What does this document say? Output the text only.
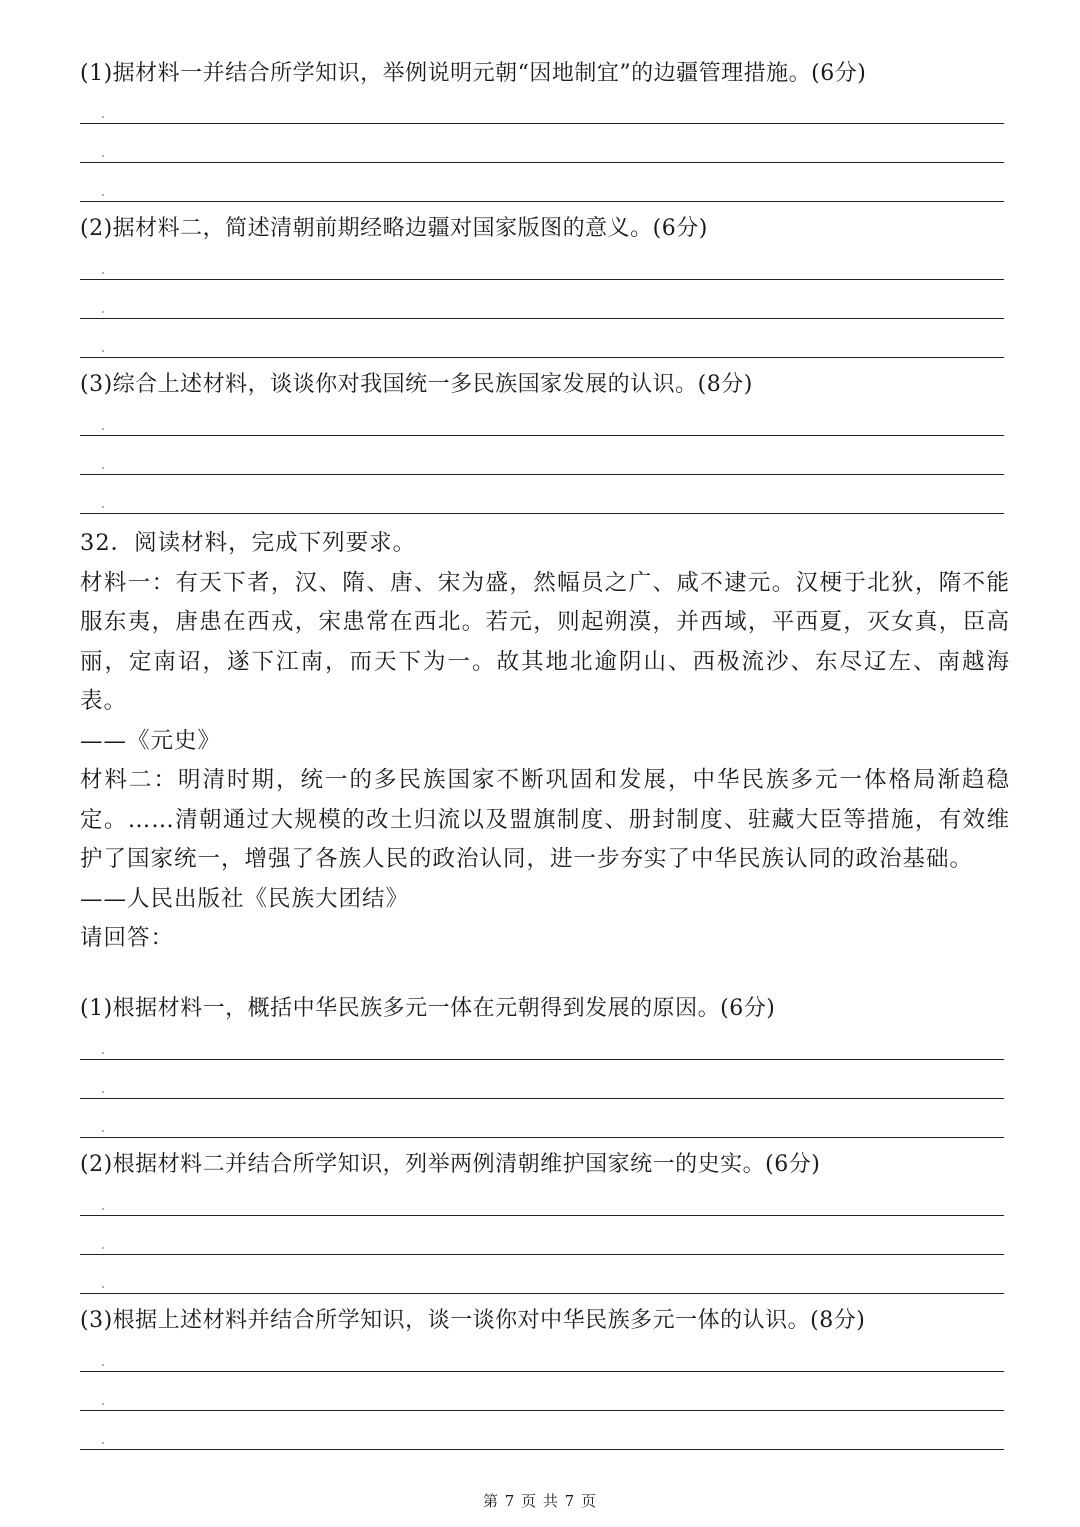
(1)据材料一并结合所学知识，举例说明元朝“因地制宜”的边疆管理措施。(6分)
(2)据材料二，简述清朝前期经略边疆对国家版图的意义。(6分)
(3)综合上述材料，谈谈你对我国统一多民族国家发展的认识。(8分)

32．阅读材料，完成下列要求。

材料一：有天下者，汉、隋、唐、宋为盛，然幅员之广、咸不逮元。汉梗于北狄，隋不能服东夷，唐患在西戎，宋患常在西北。若元，则起朔漠，并西域，平西夏，灭女真，臣高丽，定南诏，遂下江南，而天下为一。故其地北逾阴山、西极流沙、东尽辽左、南越海表。

——《元史》

材料二：明清时期，统一的多民族国家不断巩固和发展，中华民族多元一体格局渐趋稳定。……清朝通过大规模的改土归流以及盟旗制度、册封制度、驻藏大臣等措施，有效维护了国家统一，增强了各族人民的政治认同，进一步夯实了中华民族认同的政治基础。

——人民出版社《民族大团结》

请回答：

(1)根据材料一，概括中华民族多元一体在元朝得到发展的原因。(6分)
(2)根据材料二并结合所学知识，列举两例清朝维护国家统一的史实。(6分)
(3)根据上述材料并结合所学知识，谈一谈你对中华民族多元一体的认识。(8分)
第 7 页 共 7 页
